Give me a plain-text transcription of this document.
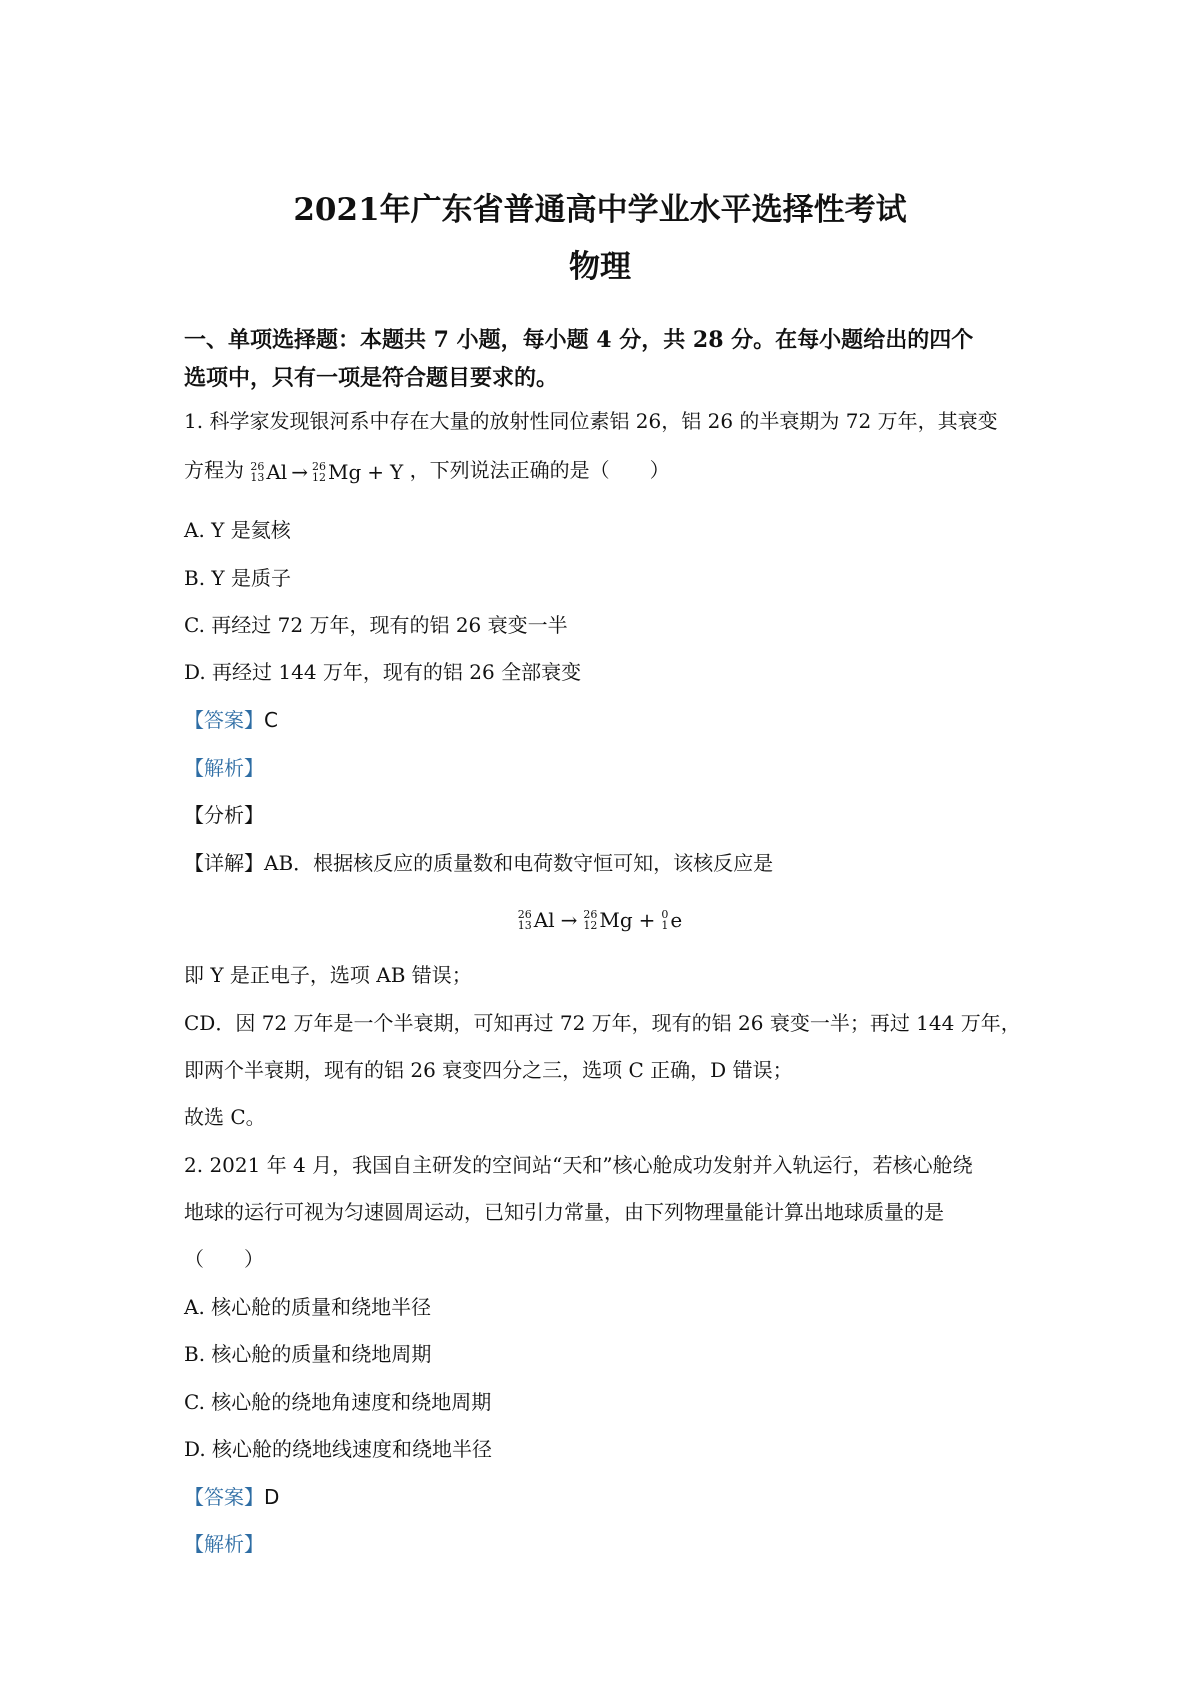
2021年广东省普通高中学业水平选择性考试
物理
一、单项选择题：本题共 7 小题，每小题 4 分，共 28 分。在每小题给出的四个
选项中，只有一项是符合题目要求的。
1. 科学家发现银河系中存在大量的放射性同位素铝 26，铝 26 的半衰期为 72 万年，其衰变
方程为 26
13 Al → 26
12 Mg + Y ，下列说法正确的是（　　）
A. Y 是氦核
B. Y 是质子
C. 再经过 72 万年，现有的铝 26 衰变一半
D. 再经过 144 万年，现有的铝 26 全部衰变
【答案】C
【解析】
【分析】
【详解】AB．根据核反应的质量数和电荷数守恒可知，该核反应是
26
13 Al → 26
12 Mg + 0
1 e
即 Y 是正电子，选项 AB 错误；
CD．因 72 万年是一个半衰期，可知再过 72 万年，现有的铝 26 衰变一半；再过 144 万年，
即两个半衰期，现有的铝 26 衰变四分之三，选项 C 正确，D 错误；
故选 C。
2. 2021 年 4 月，我国自主研发的空间站“天和”核心舱成功发射并入轨运行，若核心舱绕
地球的运行可视为匀速圆周运动，已知引力常量，由下列物理量能计算出地球质量的是
（　　）
A. 核心舱的质量和绕地半径
B. 核心舱的质量和绕地周期
C. 核心舱的绕地角速度和绕地周期
D. 核心舱的绕地线速度和绕地半径
【答案】D
【解析】
